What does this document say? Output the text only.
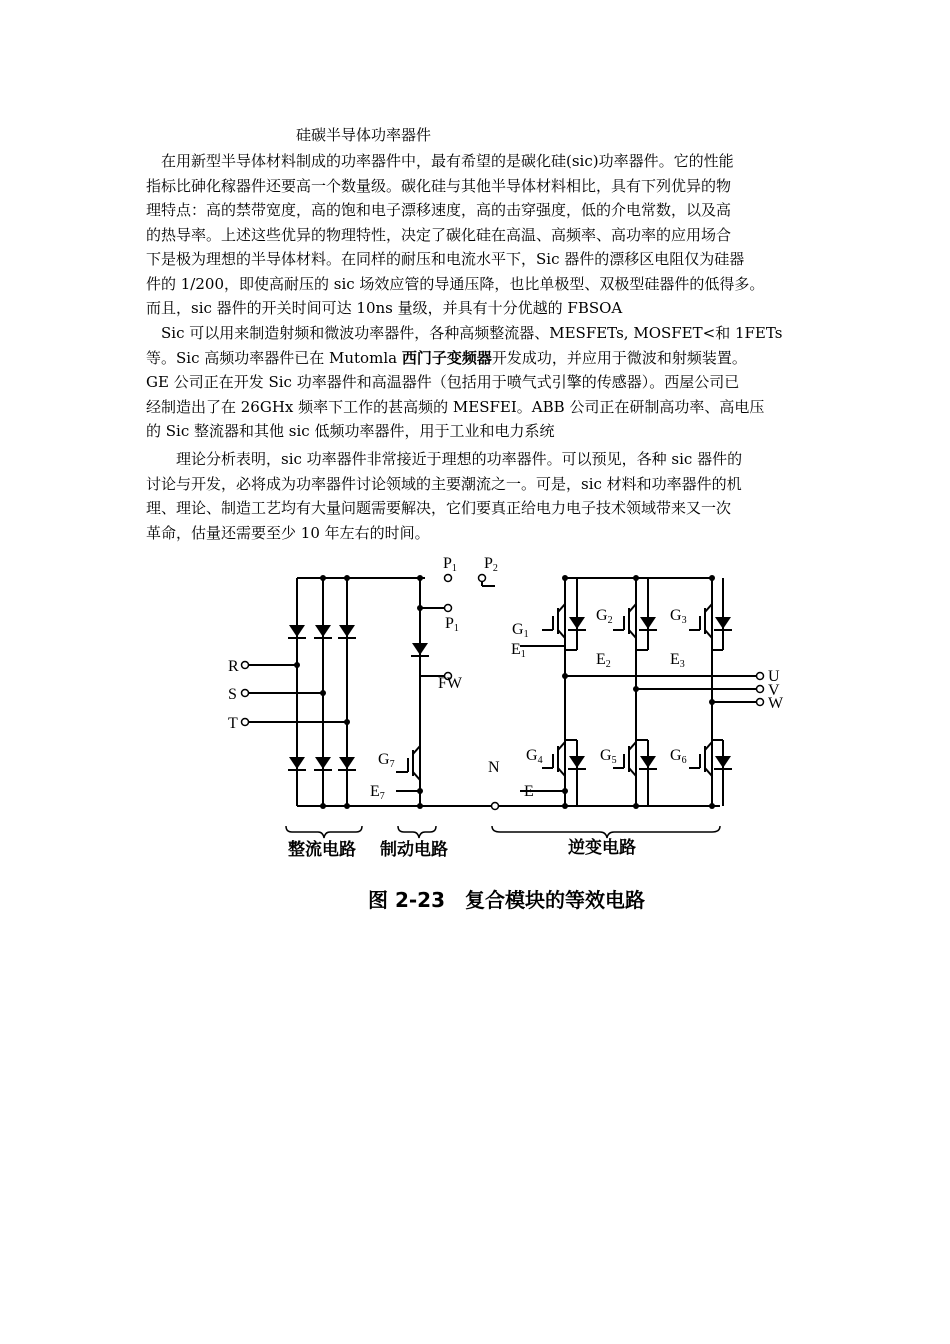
硅碳半导体功率器件
　在用新型半导体材料制成的功率器件中，最有希望的是碳化硅(sic)功率器件。它的性能
指标比砷化稼器件还要高一个数量级。碳化硅与其他半导体材料相比，具有下列优异的物
理特点：高的禁带宽度，高的饱和电子漂移速度，高的击穿强度，低的介电常数，以及高
的热导率。上述这些优异的物理特性，决定了碳化硅在高温、高频率、高功率的应用场合
下是极为理想的半导体材料。在同样的耐压和电流水平下，Sic 器件的漂移区电阻仅为硅器
件的 1/200，即使高耐压的 sic 场效应管的导通压降，也比单极型、双极型硅器件的低得多。
而且，sic 器件的开关时间可达 10ns 量级，并具有十分优越的 FBSOA
　Sic 可以用来制造射频和微波功率器件，各种高频整流器、MESFETs, MOSFET<和 1FETs
等。Sic 高频功率器件已在 Mutomla 西门子变频器开发成功，并应用于微波和射频装置。
GE 公司正在开发 Sic 功率器件和高温器件（包括用于喷气式引擎的传感器）。西屋公司已
经制造出了在 26GHx 频率下工作的甚高频的 MESFEI。ABB 公司正在研制高功率、高电压
的 Sic 整流器和其他 sic 低频功率器件，用于工业和电力系统
　　理论分析表明，sic 功率器件非常接近于理想的功率器件。可以预见，各种 sic 器件的
讨论与开发，必将成为功率器件讨论领域的主要潮流之一。可是，sic 材料和功率器件的机
理、理论、制造工艺均有大量问题需要解决，它们要真正给电力电子技术领域带来又一次
革命，估量还需要至少 10 年左右的时间。
R
S
T
P1
P1
P2
FW
N
G1
E1
G2
E2
G3
E3
G4	G5	G6
G7
E7	E
U
V
W
整流电路 制动电路	逆变电路
图 2-23　复合模块的等效电路
